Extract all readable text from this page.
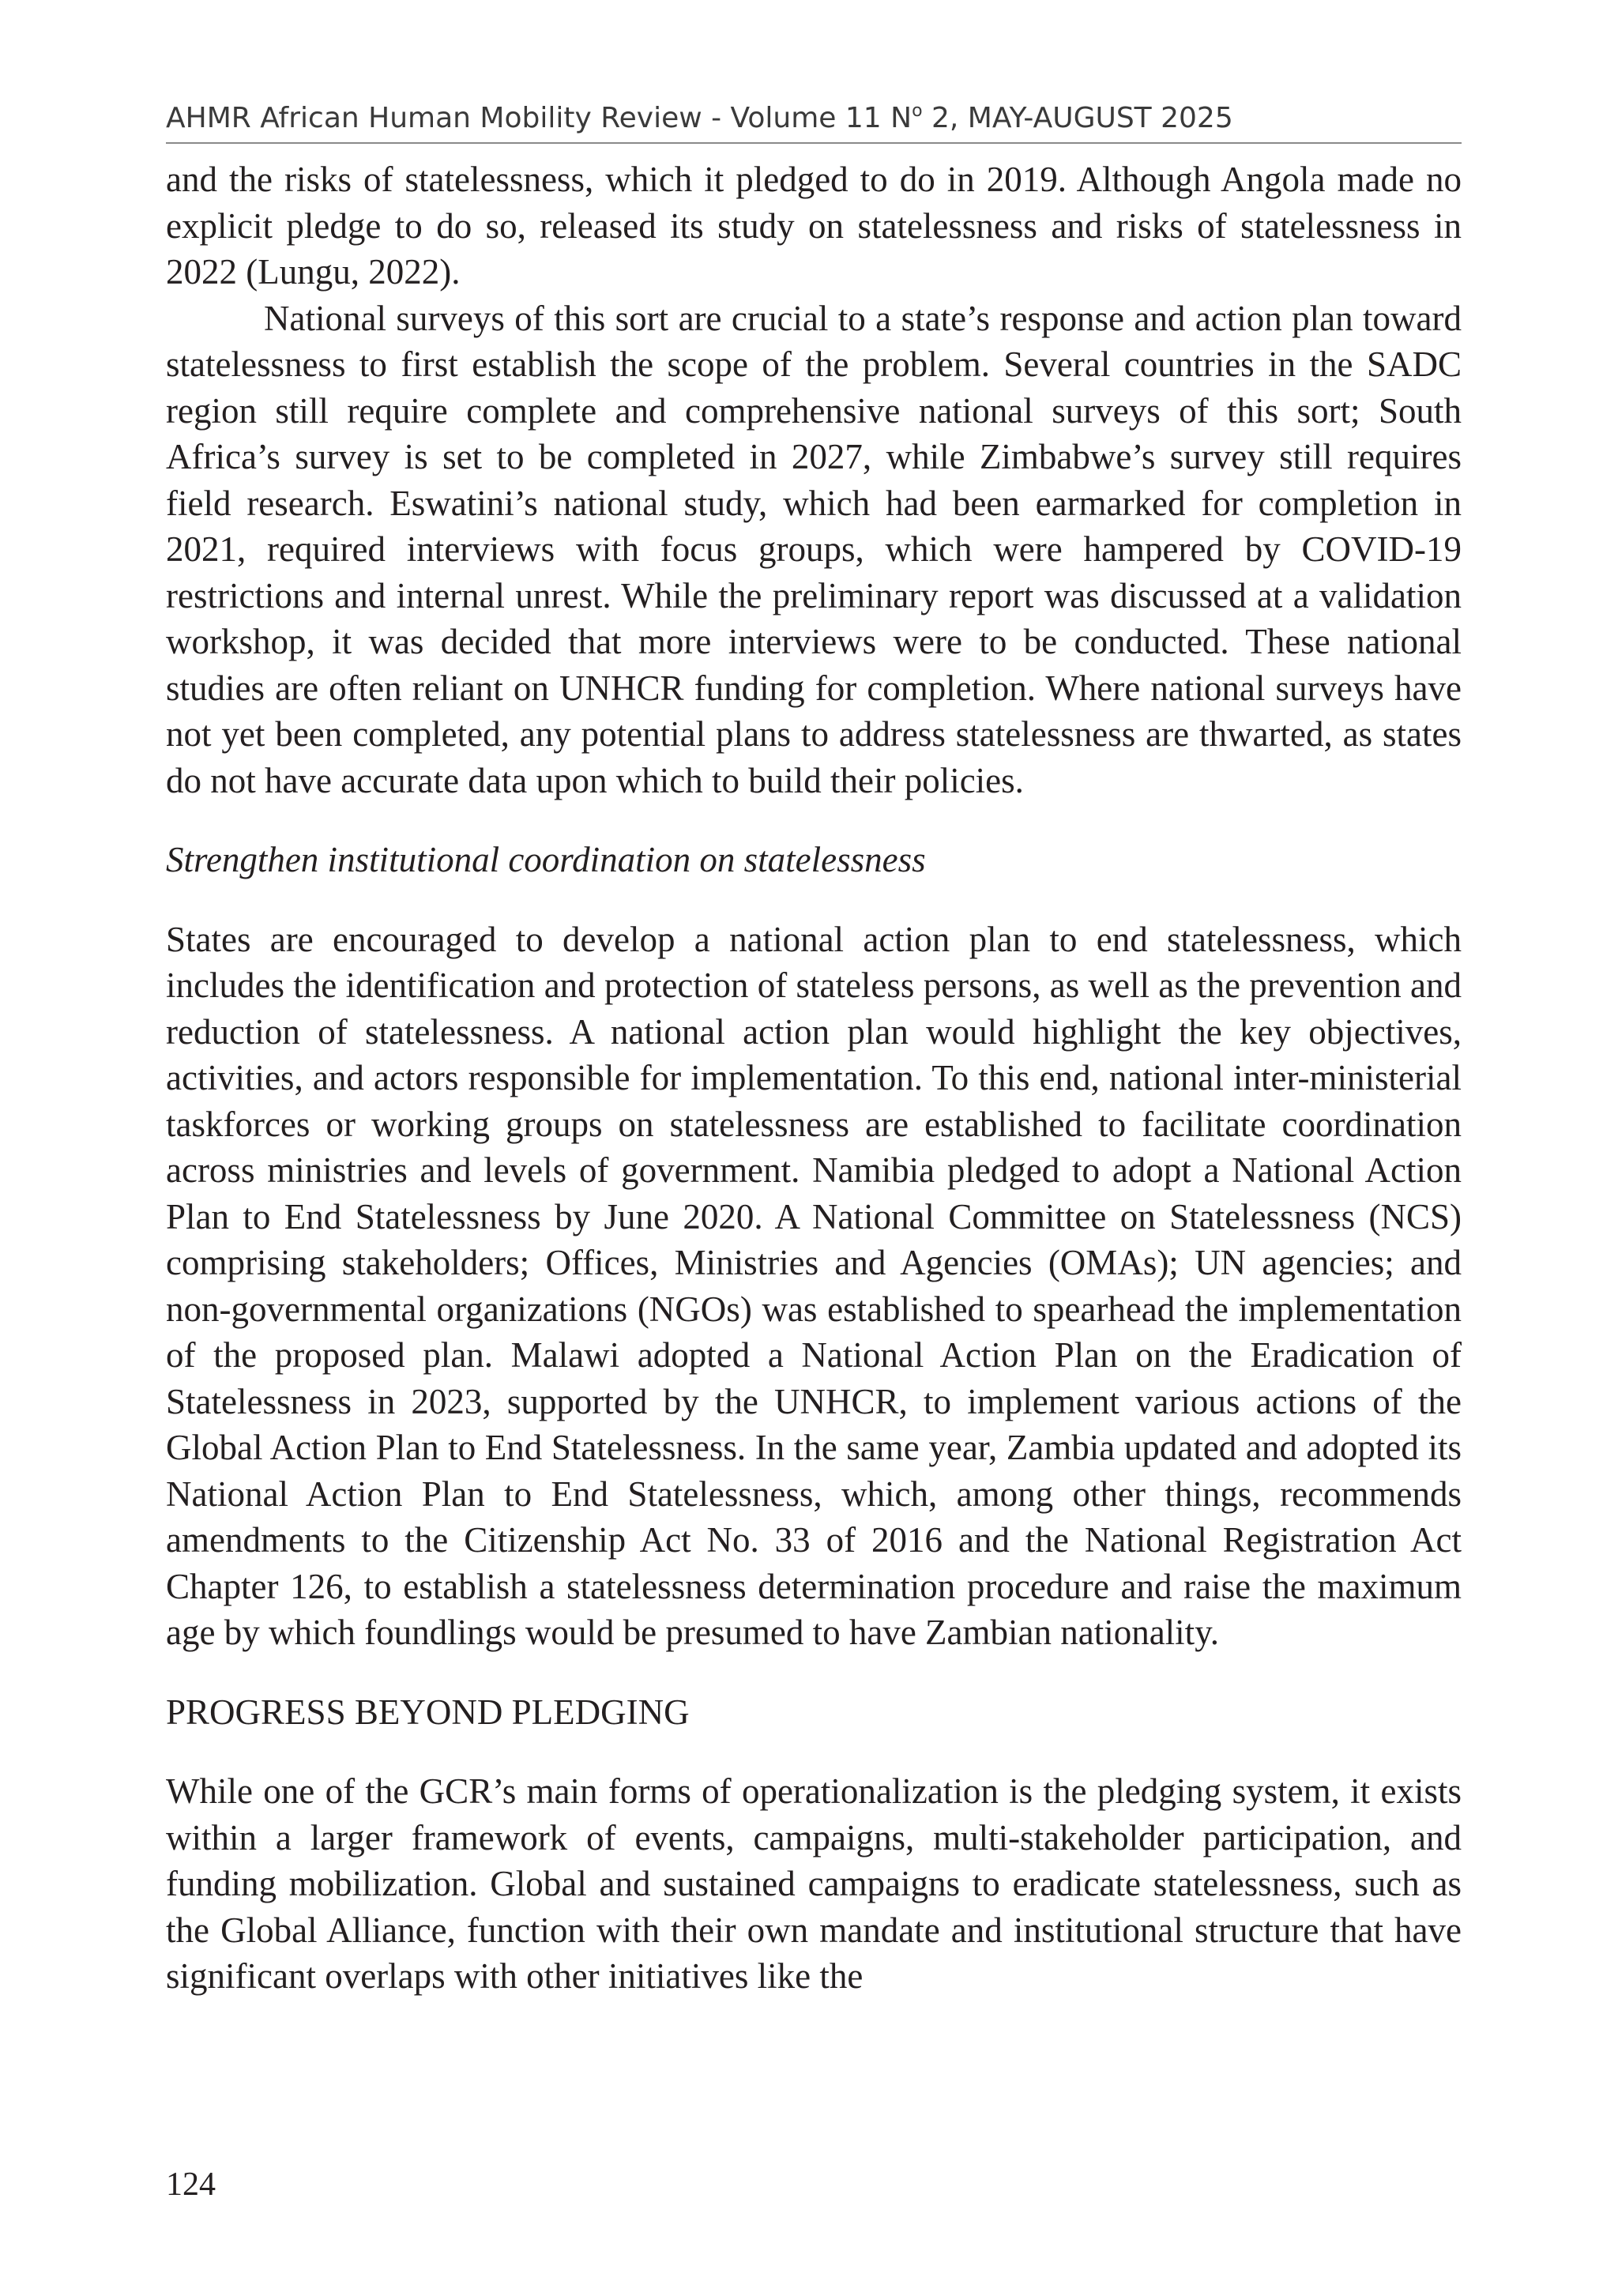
AHMR African Human Mobility Review - Volume 11 $N^o$ 2, MAY-AUGUST 2025

and the risks of statelessness, which it pledged to do in 2019. Although Angola made no explicit pledge to do so, released its study on statelessness and risks of statelessness in 2022 (Lungu, 2022).

National surveys of this sort are crucial to a state’s response and action plan toward statelessness to first establish the scope of the problem. Several countries in the SADC region still require complete and comprehensive national surveys of this sort; South Africa’s survey is set to be completed in 2027, while Zimbabwe’s survey still requires field research. Eswatini’s national study, which had been earmarked for completion in 2021, required interviews with focus groups, which were hampered by COVID-19 restrictions and internal unrest. While the preliminary report was discussed at a validation workshop, it was decided that more interviews were to be conducted. These national studies are often reliant on UNHCR funding for completion. Where national surveys have not yet been completed, any potential plans to address statelessness are thwarted, as states do not have accurate data upon which to build their policies.

Strengthen institutional coordination on statelessness

States are encouraged to develop a national action plan to end statelessness, which includes the identification and protection of stateless persons, as well as the prevention and reduction of statelessness. A national action plan would highlight the key objectives, activities, and actors responsible for implementation. To this end, national inter-ministerial taskforces or working groups on statelessness are established to facilitate coordination across ministries and levels of government. Namibia pledged to adopt a National Action Plan to End Statelessness by June 2020. A National Committee on Statelessness (NCS) comprising stakeholders; Offices, Ministries and Agencies (OMAs); UN agencies; and non-governmental organizations (NGOs) was established to spearhead the implementation of the proposed plan. Malawi adopted a National Action Plan on the Eradication of Statelessness in 2023, supported by the UNHCR, to implement various actions of the Global Action Plan to End Statelessness. In the same year, Zambia updated and adopted its National Action Plan to End Statelessness, which, among other things, recommends amendments to the Citizenship Act No. 33 of 2016 and the National Registration Act Chapter 126, to establish a statelessness determination procedure and raise the maximum age by which foundlings would be presumed to have Zambian nationality.

PROGRESS BEYOND PLEDGING

While one of the GCR’s main forms of operationalization is the pledging system, it exists within a larger framework of events, campaigns, multi-stakeholder participation, and funding mobilization. Global and sustained campaigns to eradicate statelessness, such as the Global Alliance, function with their own mandate and institutional structure that have significant overlaps with other initiatives like the

124
